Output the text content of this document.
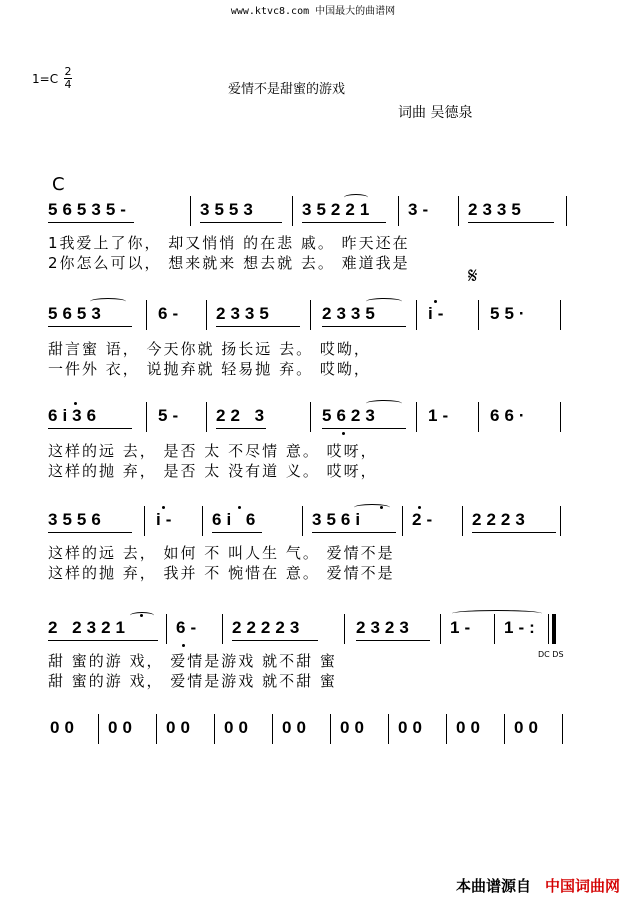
www.ktvc8.com 中国最大的曲谱网
1=C
2
4	爱情不是甜蜜的游戏
词曲 吴德泉
C
56535-	3553	35221 3- 2335
1我爱上了你， 却又悄悄 的在悲 戚。 昨天还在
2你怎么可以， 想来就来 想去就 去。 难道我是
𝄋
5653	6- 2335	2335	i- 55·
甜言蜜 语， 今天你就 扬长远 去。 哎呦，
一件外 衣， 说抛弃就 轻易抛 弃。 哎呦，
6i36	5- 22 3	5623	1- 66·
这样的远 去， 是否 太 不尽情 意。 哎呀，
这样的抛 弃， 是否 太 没有道 义。 哎呀，
3556	i- 6i 6	356i	2- 2223
这样的远 去， 如何 不 叫人生 气。 爱情不是
这样的抛 弃， 我并 不 惋惜在 意。 爱情不是
2 2321	6- 22223	2323 1- 1-:
DC DS
甜 蜜的游 戏， 爱情是游戏 就不甜 蜜
甜 蜜的游 戏， 爱情是游戏 就不甜 蜜
00 00 00 00 00 00 00 00 00
本曲谱源自 中国词曲网
